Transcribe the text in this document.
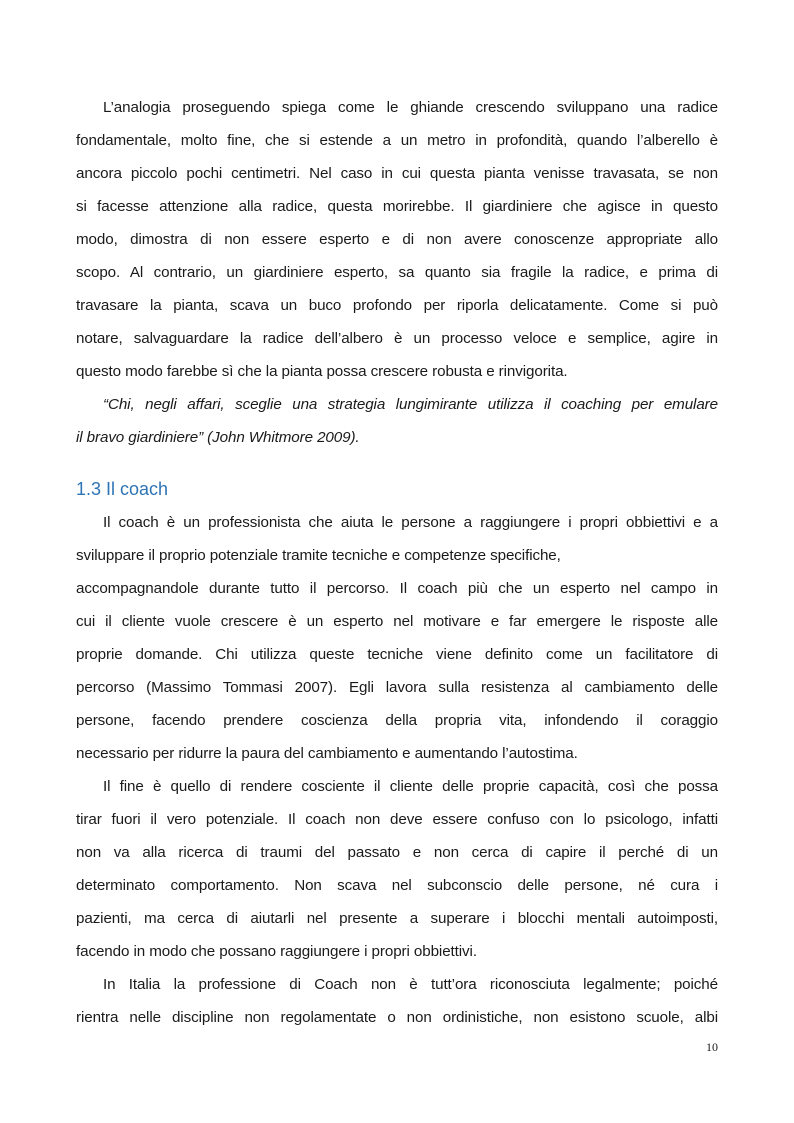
L’analogia proseguendo spiega come le ghiande crescendo sviluppano una radice
fondamentale, molto fine, che si estende a un metro in profondità, quando l’alberello è
ancora piccolo pochi centimetri. Nel caso in cui questa pianta venisse travasata, se non
si facesse attenzione alla radice, questa morirebbe. Il giardiniere che agisce in questo
modo, dimostra di non essere esperto e di non avere conoscenze appropriate allo
scopo. Al contrario, un giardiniere esperto, sa quanto sia fragile la radice, e prima di
travasare la pianta, scava un buco profondo per riporla delicatamente. Come si può
notare, salvaguardare la radice dell’albero è un processo veloce e semplice, agire in
questo modo farebbe sì che la pianta possa crescere robusta e rinvigorita.
“Chi, negli affari, sceglie una strategia lungimirante utilizza il coaching per emulare
il bravo giardiniere” (John Whitmore 2009).
1.3 Il coach
Il coach è un professionista che aiuta le persone a raggiungere i propri obbiettivi e a
sviluppare il proprio potenziale tramite tecniche e competenze specifiche,
accompagnandole durante tutto il percorso. Il coach più che un esperto nel campo in
cui il cliente vuole crescere è un esperto nel motivare e far emergere le risposte alle
proprie domande. Chi utilizza queste tecniche viene definito come un facilitatore di
percorso (Massimo Tommasi 2007). Egli lavora sulla resistenza al cambiamento delle
persone, facendo prendere coscienza della propria vita, infondendo il coraggio
necessario per ridurre la paura del cambiamento e aumentando l’autostima.
Il fine è quello di rendere cosciente il cliente delle proprie capacità, così che possa
tirar fuori il vero potenziale. Il coach non deve essere confuso con lo psicologo, infatti
non va alla ricerca di traumi del passato e non cerca di capire il perché di un
determinato comportamento. Non scava nel subconscio delle persone, né cura i
pazienti, ma cerca di aiutarli nel presente a superare i blocchi mentali autoimposti,
facendo in modo che possano raggiungere i propri obbiettivi.
In Italia la professione di Coach non è tutt’ora riconosciuta legalmente; poiché
rientra nelle discipline non regolamentate o non ordinistiche, non esistono scuole, albi
10
